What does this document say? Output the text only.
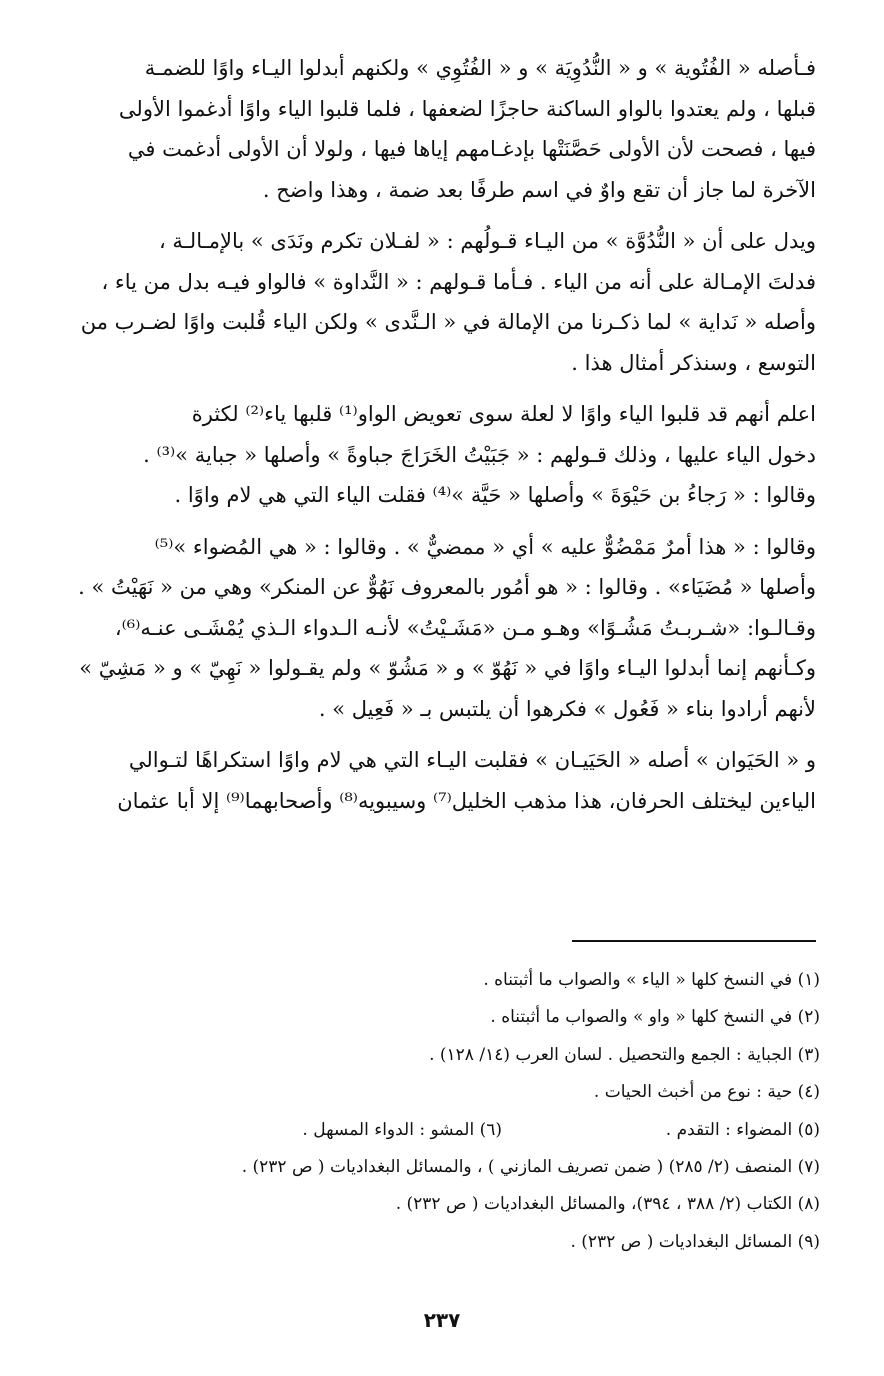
فـأصله « الفُتُوية » و « النُّدُوِيَة » و « الفُتُوِي » ولكنهم أبدلوا اليـاء واوًا للضمـة
قبلها ، ولم يعتدوا بالواو الساكنة حاجزًا لضعفها ، فلما قلبوا الياء واوًا أدغموا الأولى
فيها ، فصحت لأن الأولى حَصَّنَتْها بإدغـامهم إياها فيها ، ولولا أن الأولى أدغمت في
الآخرة لما جاز أن تقع واوٌ في اسم طرفًا بعد ضمة ، وهذا واضح .

ويدل على أن « النُّدُوَّة » من اليـاء قـولُهم : « لفـلان تكرم ونَدَى » بالإمـالـة ،
فدلتَ الإمـالة على أنه من الياء . فـأما قـولهم : « النَّداوة » فالواو فيـه بدل من ياء ،
وأصله « نَداية » لما ذكـرنا من الإمالة في « الـنَّدى » ولكن الياء قُلبت واوًا لضـرب من
التوسع ، وسنذكر أمثال هذا .

اعلم أنهم قد قلبوا الياء واوًا لا لعلة سوى تعويض الواو⁽¹⁾ قلبها ياء⁽²⁾ لكثرة
دخول الياء عليها ، وذلك قـولهم : « جَبَيْتُ الخَرَاجَ جباوةً » وأصلها « جباية »⁽³⁾ .
وقالوا : « رَجاءُ بن حَيْوَةَ » وأصلها « حَيَّة »⁽⁴⁾ فقلت الياء التي هي لام واوًا .

وقالوا : « هذا أمرٌ مَمْضُوٌّ عليه » أي « ممضيٌّ » . وقالوا : « هي المُضواء »⁽⁵⁾
وأصلها « مُضَيَاء» . وقالوا : « هو أمُور بالمعروف نَهُوٌّ عن المنكر» وهي من « نَهَيْتُ » .
وقـالـوا: «شـربـتُ مَشُـوًا» وهـو مـن «مَشَـيْتُ» لأنـه الـدواء الـذي يُمْشَـى عنـه⁽⁶⁾،
وكـأنهم إنما أبدلوا اليـاء واوًا في « نَهُوّ » و « مَشُوّ » ولم يقـولوا « نَهِيّ » و « مَشِيّ »
لأنهم أرادوا بناء « فَعُول » فكرهوا أن يلتبس بـ « فَعِيل » .

و « الحَيَوان » أصله « الحَيَيـان » فقلبت اليـاء التي هي لام واوًا استكراهًا لتـوالي
الياءين ليختلف الحرفان، هذا مذهب الخليل⁽⁷⁾ وسيبويه⁽⁸⁾ وأصحابهما⁽⁹⁾ إلا أبا عثمان

(١) في النسخ كلها « الياء » والصواب ما أثبتناه .

(٢) في النسخ كلها « واو » والصواب ما أثبتناه .

(٣) الجباية : الجمع والتحصيل . لسان العرب (١٤/ ١٢٨) .

(٤) حية : نوع من أخبث الحيات .

(٥) المضواء : التقدم .

(٦) المشو : الدواء المسهل .

(٧) المنصف (٢/ ٢٨٥) ( ضمن تصريف المازني ) ، والمسائل البغداديات ( ص ٢٣٢) .

(٨) الكتاب (٢/ ٣٨٨ ، ٣٩٤)، والمسائل البغداديات ( ص ٢٣٢) .

(٩) المسائل البغداديات ( ص ٢٣٢) .

٢٣٧
